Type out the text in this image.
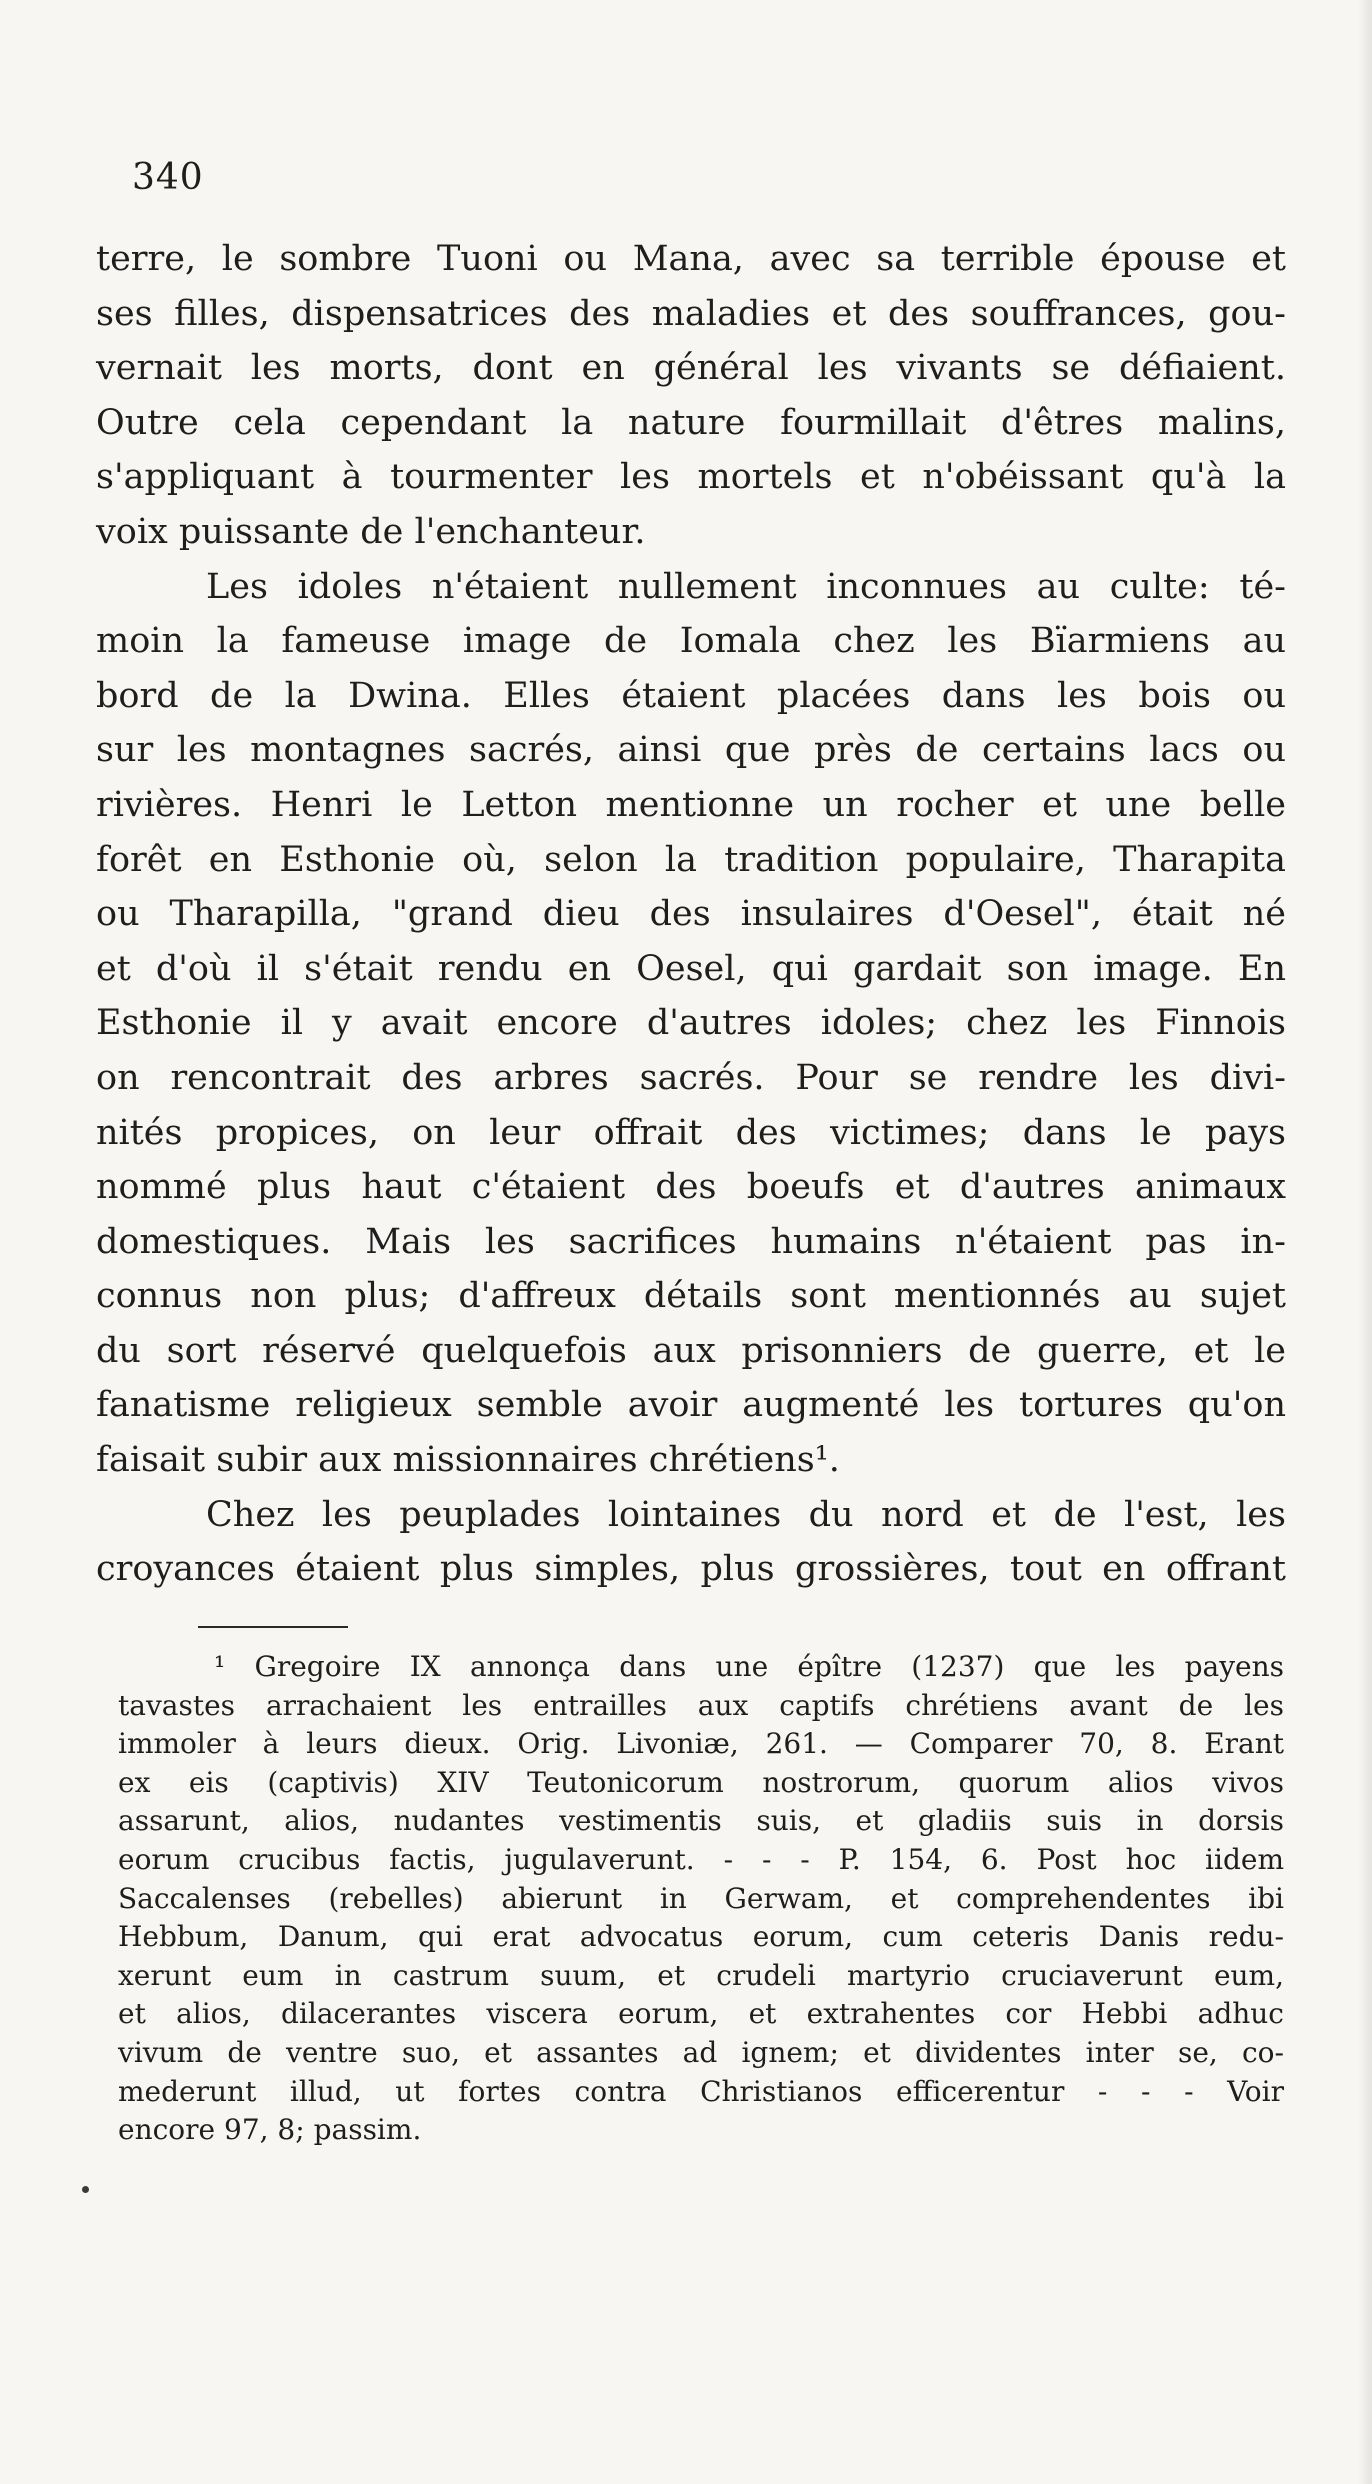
340
terre, le sombre Tuoni ou Mana, avec sa terrible épouse et
ses filles, dispensatrices des maladies et des souffrances, gou-
vernait les morts, dont en général les vivants se défiaient.
Outre cela cependant la nature fourmillait d'êtres malins,
s'appliquant à tourmenter les mortels et n'obéissant qu'à la
voix puissante de l'enchanteur.
Les idoles n'étaient nullement inconnues au culte: té-
moin la fameuse image de Iomala chez les Bïarmiens au
bord de la Dwina. Elles étaient placées dans les bois ou
sur les montagnes sacrés, ainsi que près de certains lacs ou
rivières. Henri le Letton mentionne un rocher et une belle
forêt en Esthonie où, selon la tradition populaire, Tharapita
ou Tharapilla, "grand dieu des insulaires d'Oesel", était né
et d'où il s'était rendu en Oesel, qui gardait son image. En
Esthonie il y avait encore d'autres idoles; chez les Finnois
on rencontrait des arbres sacrés. Pour se rendre les divi-
nités propices, on leur offrait des victimes; dans le pays
nommé plus haut c'étaient des boeufs et d'autres animaux
domestiques. Mais les sacrifices humains n'étaient pas in-
connus non plus; d'affreux détails sont mentionnés au sujet
du sort réservé quelquefois aux prisonniers de guerre, et le
fanatisme religieux semble avoir augmenté les tortures qu'on
faisait subir aux missionnaires chrétiens¹.
Chez les peuplades lointaines du nord et de l'est, les
croyances étaient plus simples, plus grossières, tout en offrant
¹ Gregoire IX annonça dans une épître (1237) que les payens
tavastes arrachaient les entrailles aux captifs chrétiens avant de les
immoler à leurs dieux. Orig. Livoniæ, 261. — Comparer 70, 8. Erant
ex eis (captivis) XIV Teutonicorum nostrorum, quorum alios vivos
assarunt, alios, nudantes vestimentis suis, et gladiis suis in dorsis
eorum crucibus factis, jugulaverunt. - - - P. 154, 6. Post hoc iidem
Saccalenses (rebelles) abierunt in Gerwam, et comprehendentes ibi
Hebbum, Danum, qui erat advocatus eorum, cum ceteris Danis redu-
xerunt eum in castrum suum, et crudeli martyrio cruciaverunt eum,
et alios, dilacerantes viscera eorum, et extrahentes cor Hebbi adhuc
vivum de ventre suo, et assantes ad ignem; et dividentes inter se, co-
mederunt illud, ut fortes contra Christianos efficerentur - - - Voir
encore 97, 8; passim.
